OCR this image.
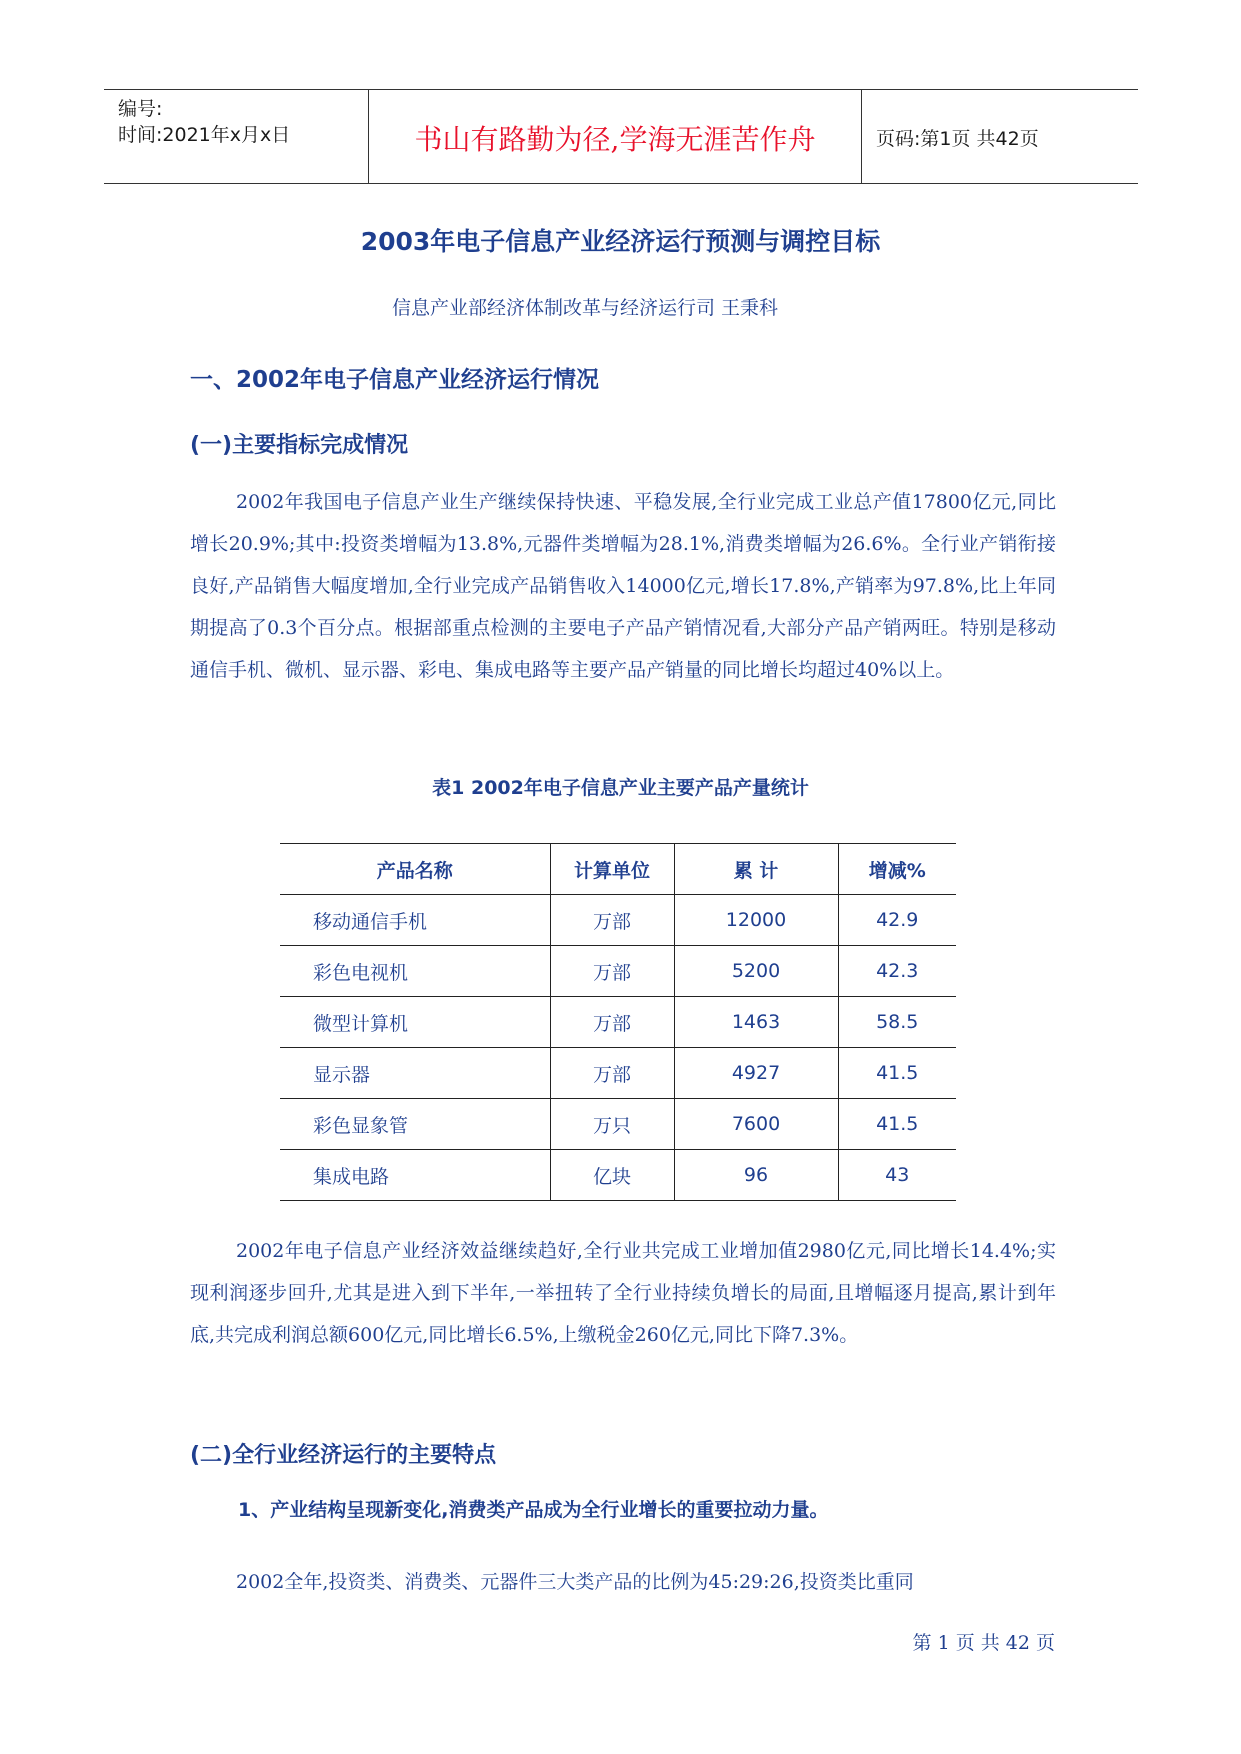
编号:
时间:2021年x月x日	书山有路勤为径,学海无涯苦作舟	页码:第1页 共42页
2003年电子信息产业经济运行预测与调控目标
信息产业部经济体制改革与经济运行司 王秉科
一、2002年电子信息产业经济运行情况
(一)主要指标完成情况

2002年我国电子信息产业生产继续保持快速、平稳发展,全行业完成工业总产值17800亿元,同比增长20.9%;其中:投资类增幅为13.8%,元器件类增幅为28.1%,消费类增幅为26.6%。全行业产销衔接良好,产品销售大幅度增加,全行业完成产品销售收入14000亿元,增长17.8%,产销率为97.8%,比上年同期提高了0.3个百分点。根据部重点检测的主要电子产品产销情况看,大部分产品产销两旺。特别是移动通信手机、微机、显示器、彩电、集成电路等主要产品产销量的同比增长均超过40%以上。

表1 2002年电子信息产业主要产品产量统计
产品名称	计算单位	累 计	增减%
移动通信手机	万部	12000	42.9
彩色电视机	万部	5200	42.3
微型计算机	万部	1463	58.5
显示器	万部	4927	41.5
彩色显象管	万只	7600	41.5
集成电路	亿块	96	43

2002年电子信息产业经济效益继续趋好,全行业共完成工业增加值2980亿元,同比增长14.4%;实现利润逐步回升,尤其是进入到下半年,一举扭转了全行业持续负增长的局面,且增幅逐月提高,累计到年底,共完成利润总额600亿元,同比增长6.5%,上缴税金260亿元,同比下降7.3%。

(二)全行业经济运行的主要特点
1、产业结构呈现新变化,消费类产品成为全行业增长的重要拉动力量。

2002全年,投资类、消费类、元器件三大类产品的比例为45:29:26,投资类比重同

第 1 页 共 42 页
